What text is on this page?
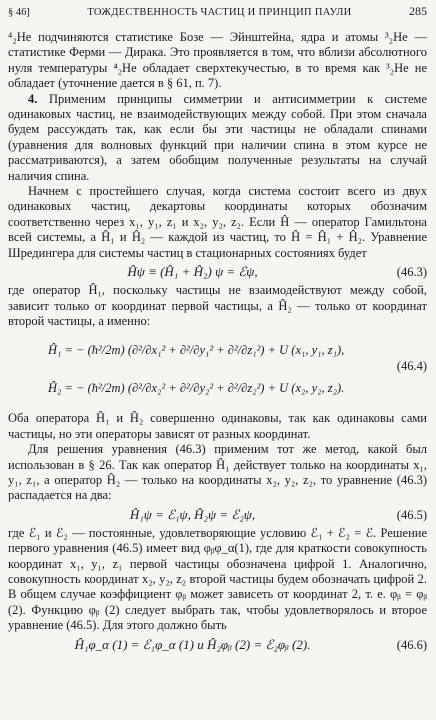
§ 46]	ТОЖДЕСТВЕННОСТЬ ЧАСТИЦ И ПРИНЦИП ПАУЛИ	285

⁴₂He подчиняются статистике Бозе — Эйнштейна, ядра и атомы ³₂He — статистике Ферми — Дирака. Это проявляется в том, что вблизи абсолютного нуля температуры ⁴₂He обладает сверхтекучестью, в то время как ³₂He не обладает (уточнение дается в § 61, п. 7).

4. Применим принципы симметрии и антисимметрии к системе одинаковых частиц, не взаимодействующих между собой. При этом сначала будем рассуждать так, как если бы эти частицы не обладали спинами (уравнения для волновых функций при наличии спина в этом курсе не рассматриваются), а затем обобщим полученные результаты на случай наличия спина.

Начнем с простейшего случая, когда система состоит всего из двух одинаковых частиц, декартовы координаты которых обозначим соответственно через x₁, y₁, z₁ и x₂, y₂, z₂. Если Ĥ — оператор Гамильтона всей системы, а Ĥ₁ и Ĥ₂ — каждой из частиц, то Ĥ = Ĥ₁ + Ĥ₂. Уравнение Шредингера для системы частиц в стационарных состояниях будет

Ĥψ ≡ (Ĥ₁ + Ĥ₂) ψ = ℰψ,	(46.3)

где оператор Ĥ₁, поскольку частицы не взаимодействуют между собой, зависит только от координат первой частицы, а Ĥ₂ — только от координат второй частицы, а именно:

Ĥ₁ = − (ħ²/2m) (∂²/∂x₁² + ∂²/∂y₁² + ∂²/∂z₁²) + U (x₁, y₁, z₁),
Ĥ₂ = − (ħ²/2m) (∂²/∂x₂² + ∂²/∂y₂² + ∂²/∂z₂²) + U (x₂, y₂, z₂).
(46.4)

Оба оператора Ĥ₁ и Ĥ₂ совершенно одинаковы, так как одинаковы сами частицы, но эти операторы зависят от разных координат.

Для решения уравнения (46.3) применим тот же метод, какой был использован в § 26. Так как оператор Ĥ₁ действует только на координаты x₁, y₁, z₁, а оператор Ĥ₂ — только на координаты x₂, y₂, z₂, то уравнение (46.3) распадается на два:

Ĥ₁ψ = ℰ₁ψ, Ĥ₂ψ = ℰ₂ψ,	(46.5)

где ℰ₁ и ℰ₂ — постоянные, удовлетворяющие условию ℰ₁ + ℰ₂ = ℰ. Решение первого уравнения (46.5) имеет вид φᵦφ_α(1), где для краткости совокупность координат x₁, y₁, z₁ первой частицы обозначена цифрой 1. Аналогично, совокупность координат x₂, y₂, z₂ второй частицы будем обозначать цифрой 2. В общем случае коэффициент φᵦ может зависеть от координат 2, т. е. φᵦ = φᵦ (2). Функцию φᵦ (2) следует выбрать так, чтобы удовлетворялось и второе уравнение (46.5). Для этого должно быть

Ĥ₁φ_α (1) = ℰ₁φ_α (1) и Ĥ₂φᵦ (2) = ℰ₂φᵦ (2).	(46.6)
